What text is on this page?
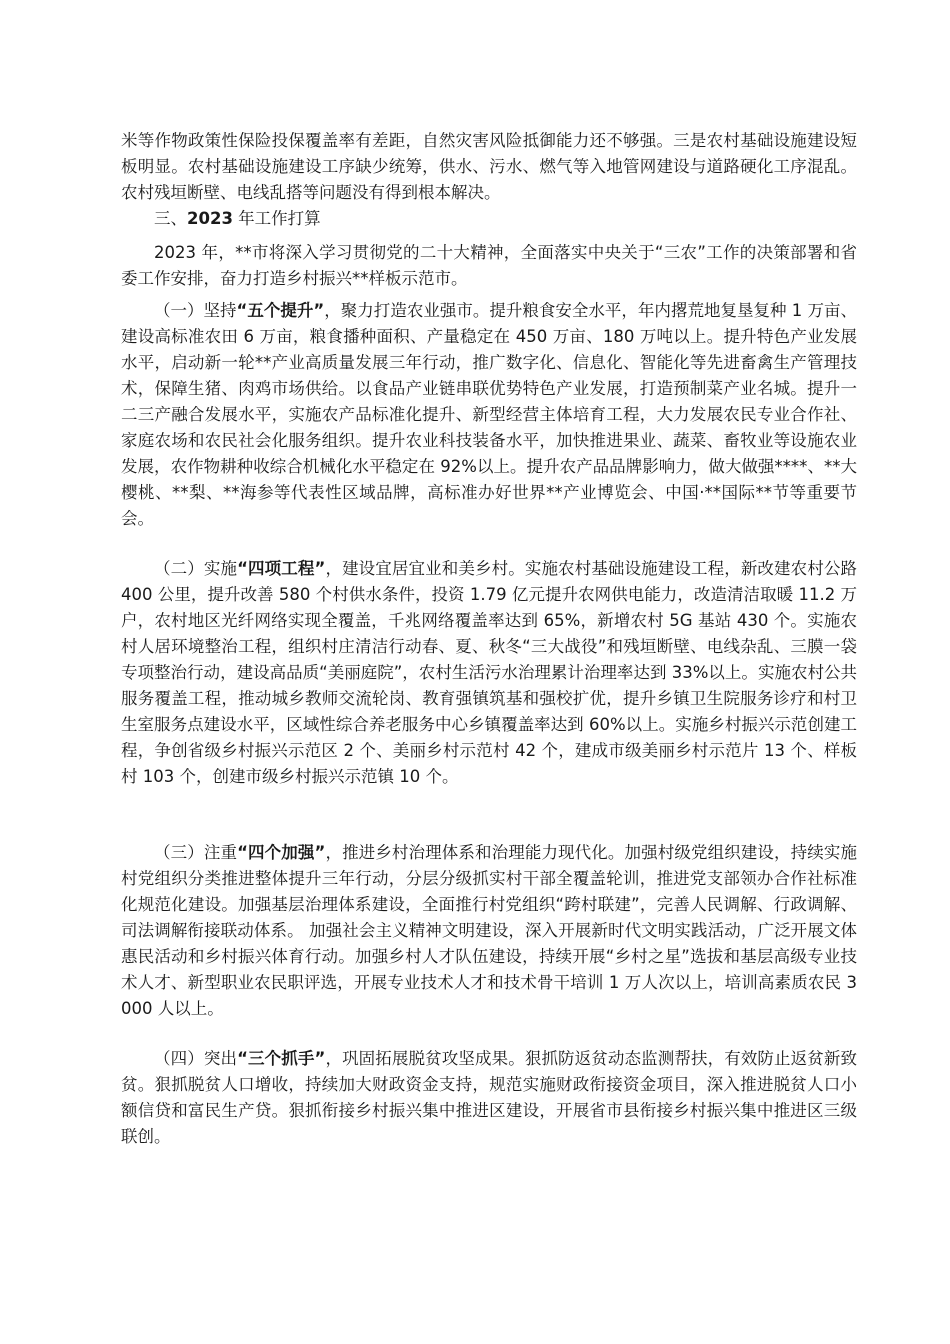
米等作物政策性保险投保覆盖率有差距，自然灾害风险抵御能力还不够强。三是农村基础设施建设短板明显。农村基础设施建设工序缺少统筹，供水、污水、燃气等入地管网建设与道路硬化工序混乱。农村残垣断壁、电线乱搭等问题没有得到根本解决。

三、2023 年工作打算

2023 年，**市将深入学习贯彻党的二十大精神，全面落实中央关于“三农”工作的决策部署和省委工作安排，奋力打造乡村振兴**样板示范市。

（一）坚持“五个提升”，聚力打造农业强市。提升粮食安全水平，年内撂荒地复垦复种 1 万亩、建设高标准农田 6 万亩，粮食播种面积、产量稳定在 450 万亩、180 万吨以上。提升特色产业发展水平，启动新一轮**产业高质量发展三年行动，推广数字化、信息化、智能化等先进畜禽生产管理技术，保障生猪、肉鸡市场供给。以食品产业链串联优势特色产业发展，打造预制菜产业名城。提升一二三产融合发展水平，实施农产品标准化提升、新型经营主体培育工程，大力发展农民专业合作社、家庭农场和农民社会化服务组织。提升农业科技装备水平，加快推进果业、蔬菜、畜牧业等设施农业发展，农作物耕种收综合机械化水平稳定在 92%以上。提升农产品品牌影响力，做大做强****、**大樱桃、**梨、**海参等代表性区域品牌，高标准办好世界**产业博览会、中国·**国际**节等重要节会。

（二）实施“四项工程”，建设宜居宜业和美乡村。实施农村基础设施建设工程，新改建农村公路 400 公里，提升改善 580 个村供水条件，投资 1.79 亿元提升农网供电能力，改造清洁取暖 11.2 万户，农村地区光纤网络实现全覆盖，千兆网络覆盖率达到 65%，新增农村 5G 基站 430 个。实施农村人居环境整治工程，组织村庄清洁行动春、夏、秋冬“三大战役”和残垣断壁、电线杂乱、三膜一袋专项整治行动，建设高品质“美丽庭院”，农村生活污水治理累计治理率达到 33%以上。实施农村公共服务覆盖工程，推动城乡教师交流轮岗、教育强镇筑基和强校扩优，提升乡镇卫生院服务诊疗和村卫生室服务点建设水平，区域性综合养老服务中心乡镇覆盖率达到 60%以上。实施乡村振兴示范创建工程，争创省级乡村振兴示范区 2 个、美丽乡村示范村 42 个，建成市级美丽乡村示范片 13 个、样板村 103 个，创建市级乡村振兴示范镇 10 个。

（三）注重“四个加强”，推进乡村治理体系和治理能力现代化。加强村级党组织建设，持续实施村党组织分类推进整体提升三年行动，分层分级抓实村干部全覆盖轮训，推进党支部领办合作社标准化规范化建设。加强基层治理体系建设，全面推行村党组织“跨村联建”，完善人民调解、行政调解、司法调解衔接联动体系。 加强社会主义精神文明建设，深入开展新时代文明实践活动，广泛开展文体惠民活动和乡村振兴体育行动。加强乡村人才队伍建设，持续开展“乡村之星”选拔和基层高级专业技术人才、新型职业农民职评选，开展专业技术人才和技术骨干培训 1 万人次以上，培训高素质农民 3000 人以上。

（四）突出“三个抓手”，巩固拓展脱贫攻坚成果。狠抓防返贫动态监测帮扶，有效防止返贫新致贫。狠抓脱贫人口增收，持续加大财政资金支持，规范实施财政衔接资金项目，深入推进脱贫人口小额信贷和富民生产贷。狠抓衔接乡村振兴集中推进区建设，开展省市县衔接乡村振兴集中推进区三级联创。
